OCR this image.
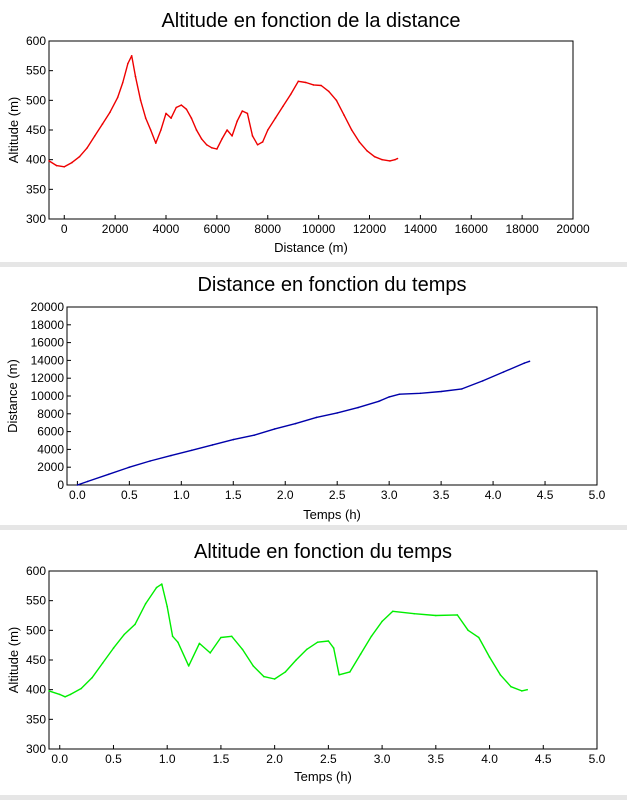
Altitude en fonction de la distance
0	2000 4000 6000 8000 10000 12000 14000 16000 18000 20000
300
350
400
450
500
550
600
Distance (m)
Altitude (m)
Distance en fonction du temps
0.0	0.5	1.0	1.5	2.0	2.5	3.0	3.5	4.0	4.5	5.0
0
2000
4000
6000
8000
10000
12000
14000
16000
18000
20000
Temps (h)
Distance (m)
Altitude en fonction du temps
0.0	0.5	1.0	1.5	2.0	2.5	3.0	3.5	4.0	4.5	5.0
300
350
400
450
500
550
600
Temps (h)
Altitude (m)
